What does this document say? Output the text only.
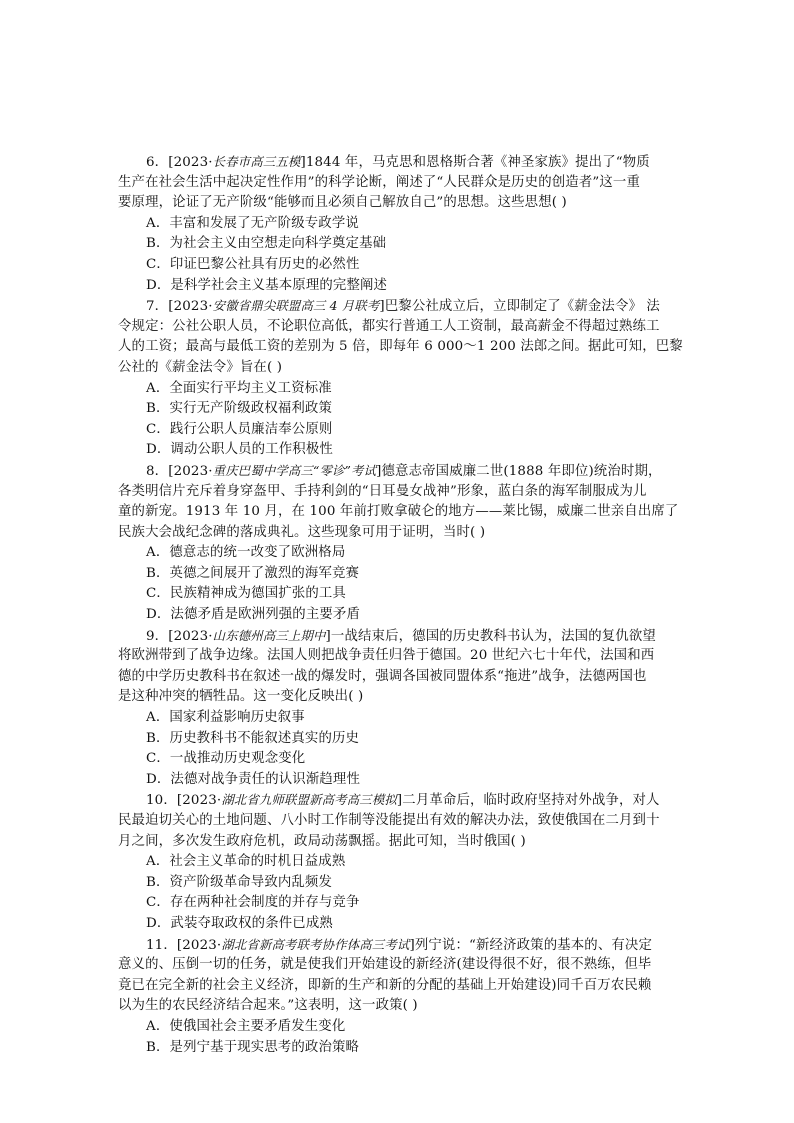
6．[2023·长春市高三五模]1844 年，马克思和恩格斯合著《神圣家族》提出了“物质
生产在社会生活中起决定性作用”的科学论断，阐述了“人民群众是历史的创造者”这一重
要原理，论证了无产阶级“能够而且必须自己解放自己”的思想。这些思想( )
A．丰富和发展了无产阶级专政学说
B．为社会主义由空想走向科学奠定基础
C．印证巴黎公社具有历史的必然性
D．是科学社会主义基本原理的完整阐述
7．[2023·安徽省鼎尖联盟高三 4 月联考]巴黎公社成立后，立即制定了《薪金法令》 法
令规定：公社公职人员，不论职位高低，都实行普通工人工资制，最高薪金不得超过熟练工
人的工资；最高与最低工资的差别为 5 倍，即每年 6 000～1 200 法郎之间。据此可知，巴黎
公社的《薪金法令》旨在( )
A．全面实行平均主义工资标准
B．实行无产阶级政权福利政策
C．践行公职人员廉洁奉公原则
D．调动公职人员的工作积极性
8．[2023·重庆巴蜀中学高三“零诊”考试]德意志帝国威廉二世(1888 年即位)统治时期，
各类明信片充斥着身穿盔甲、手持利剑的“日耳曼女战神”形象，蓝白条的海军制服成为儿
童的新宠。1913 年 10 月，在 100 年前打败拿破仑的地方——莱比锡，威廉二世亲自出席了
民族大会战纪念碑的落成典礼。这些现象可用于证明，当时( )
A．德意志的统一改变了欧洲格局
B．英德之间展开了激烈的海军竞赛
C．民族精神成为德国扩张的工具
D．法德矛盾是欧洲列强的主要矛盾
9．[2023·山东德州高三上期中]一战结束后，德国的历史教科书认为，法国的复仇欲望
将欧洲带到了战争边缘。法国人则把战争责任归咎于德国。20 世纪六七十年代，法国和西
德的中学历史教科书在叙述一战的爆发时，强调各国被同盟体系“拖进”战争，法德两国也
是这种冲突的牺牲品。这一变化反映出( )
A．国家利益影响历史叙事
B．历史教科书不能叙述真实的历史
C．一战推动历史观念变化
D．法德对战争责任的认识渐趋理性
10．[2023·湖北省九师联盟新高考高三模拟]二月革命后，临时政府坚持对外战争，对人
民最迫切关心的土地问题、八小时工作制等没能提出有效的解决办法，致使俄国在二月到十
月之间，多次发生政府危机，政局动荡飘摇。据此可知，当时俄国( )
A．社会主义革命的时机日益成熟
B．资产阶级革命导致内乱频发
C．存在两种社会制度的并存与竞争
D．武装夺取政权的条件已成熟
11．[2023·湖北省新高考联考协作体高三考试]列宁说：“新经济政策的基本的、有决定
意义的、压倒一切的任务，就是使我们开始建设的新经济(建设得很不好，很不熟练，但毕
竟已在完全新的社会主义经济，即新的生产和新的分配的基础上开始建设)同千百万农民赖
以为生的农民经济结合起来。”这表明，这一政策( )
A．使俄国社会主要矛盾发生变化
B．是列宁基于现实思考的政治策略
